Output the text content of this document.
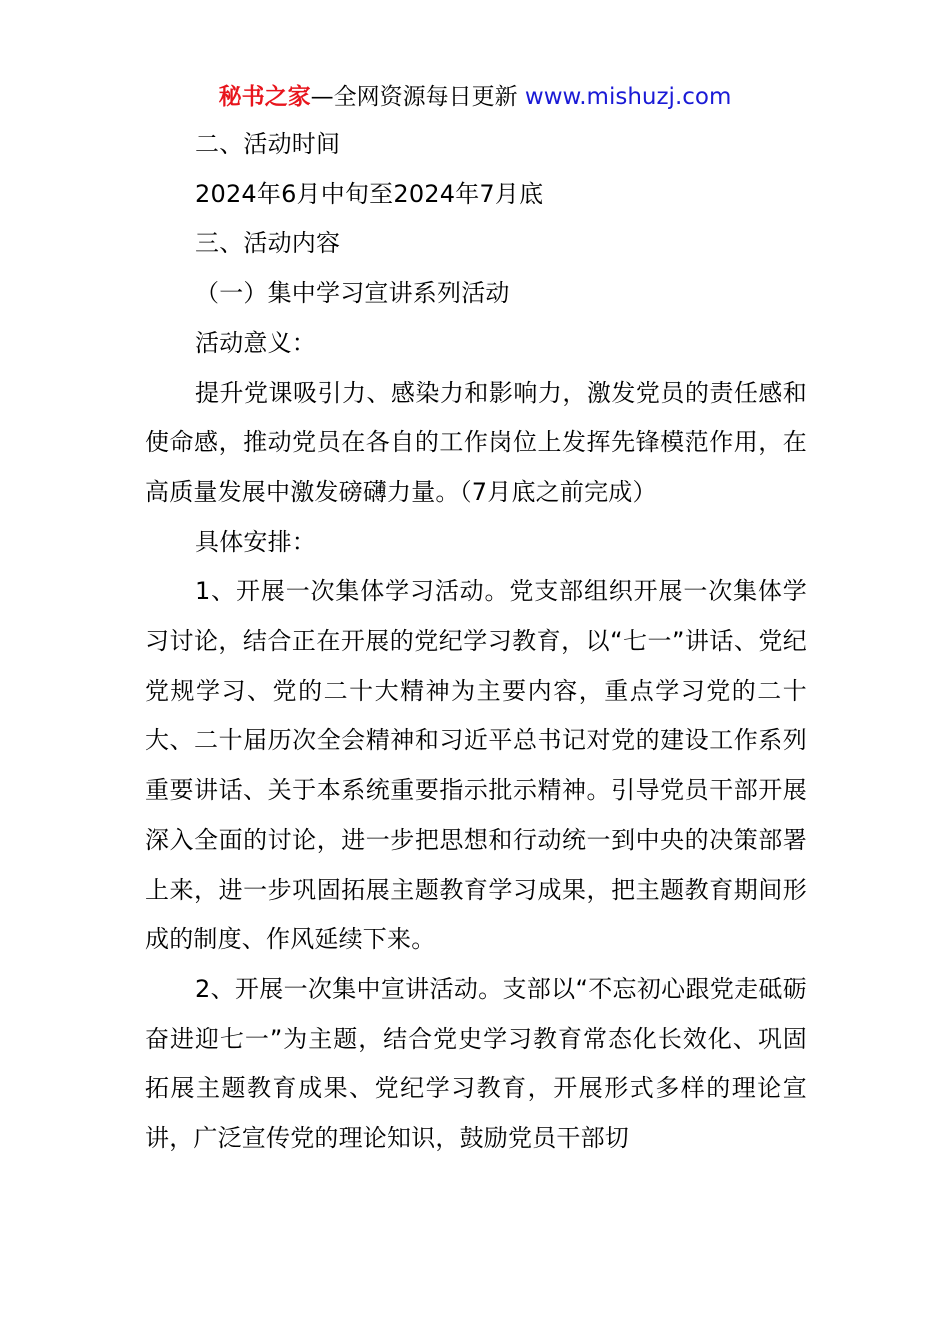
秘书之家—全网资源每日更新 www.mishuzj.com

二、活动时间

2024年6月中旬至2024年7月底

三、活动内容

（一）集中学习宣讲系列活动

活动意义：

提升党课吸引力、感染力和影响力，激发党员的责任感和使命感，推动党员在各自的工作岗位上发挥先锋模范作用，在高质量发展中激发磅礴力量。（7月底之前完成）

具体安排：

1、开展一次集体学习活动。党支部组织开展一次集体学习讨论，结合正在开展的党纪学习教育，以“七一”讲话、党纪党规学习、党的二十大精神为主要内容，重点学习党的二十大、二十届历次全会精神和习近平总书记对党的建设工作系列重要讲话、关于本系统重要指示批示精神。引导党员干部开展深入全面的讨论，进一步把思想和行动统一到中央的决策部署上来，进一步巩固拓展主题教育学习成果，把主题教育期间形成的制度、作风延续下来。

2、开展一次集中宣讲活动。支部以“不忘初心跟党走砥砺奋进迎七一”为主题，结合党史学习教育常态化长效化、巩固拓展主题教育成果、党纪学习教育，开展形式多样的理论宣讲，广泛宣传党的理论知识，鼓励党员干部切
